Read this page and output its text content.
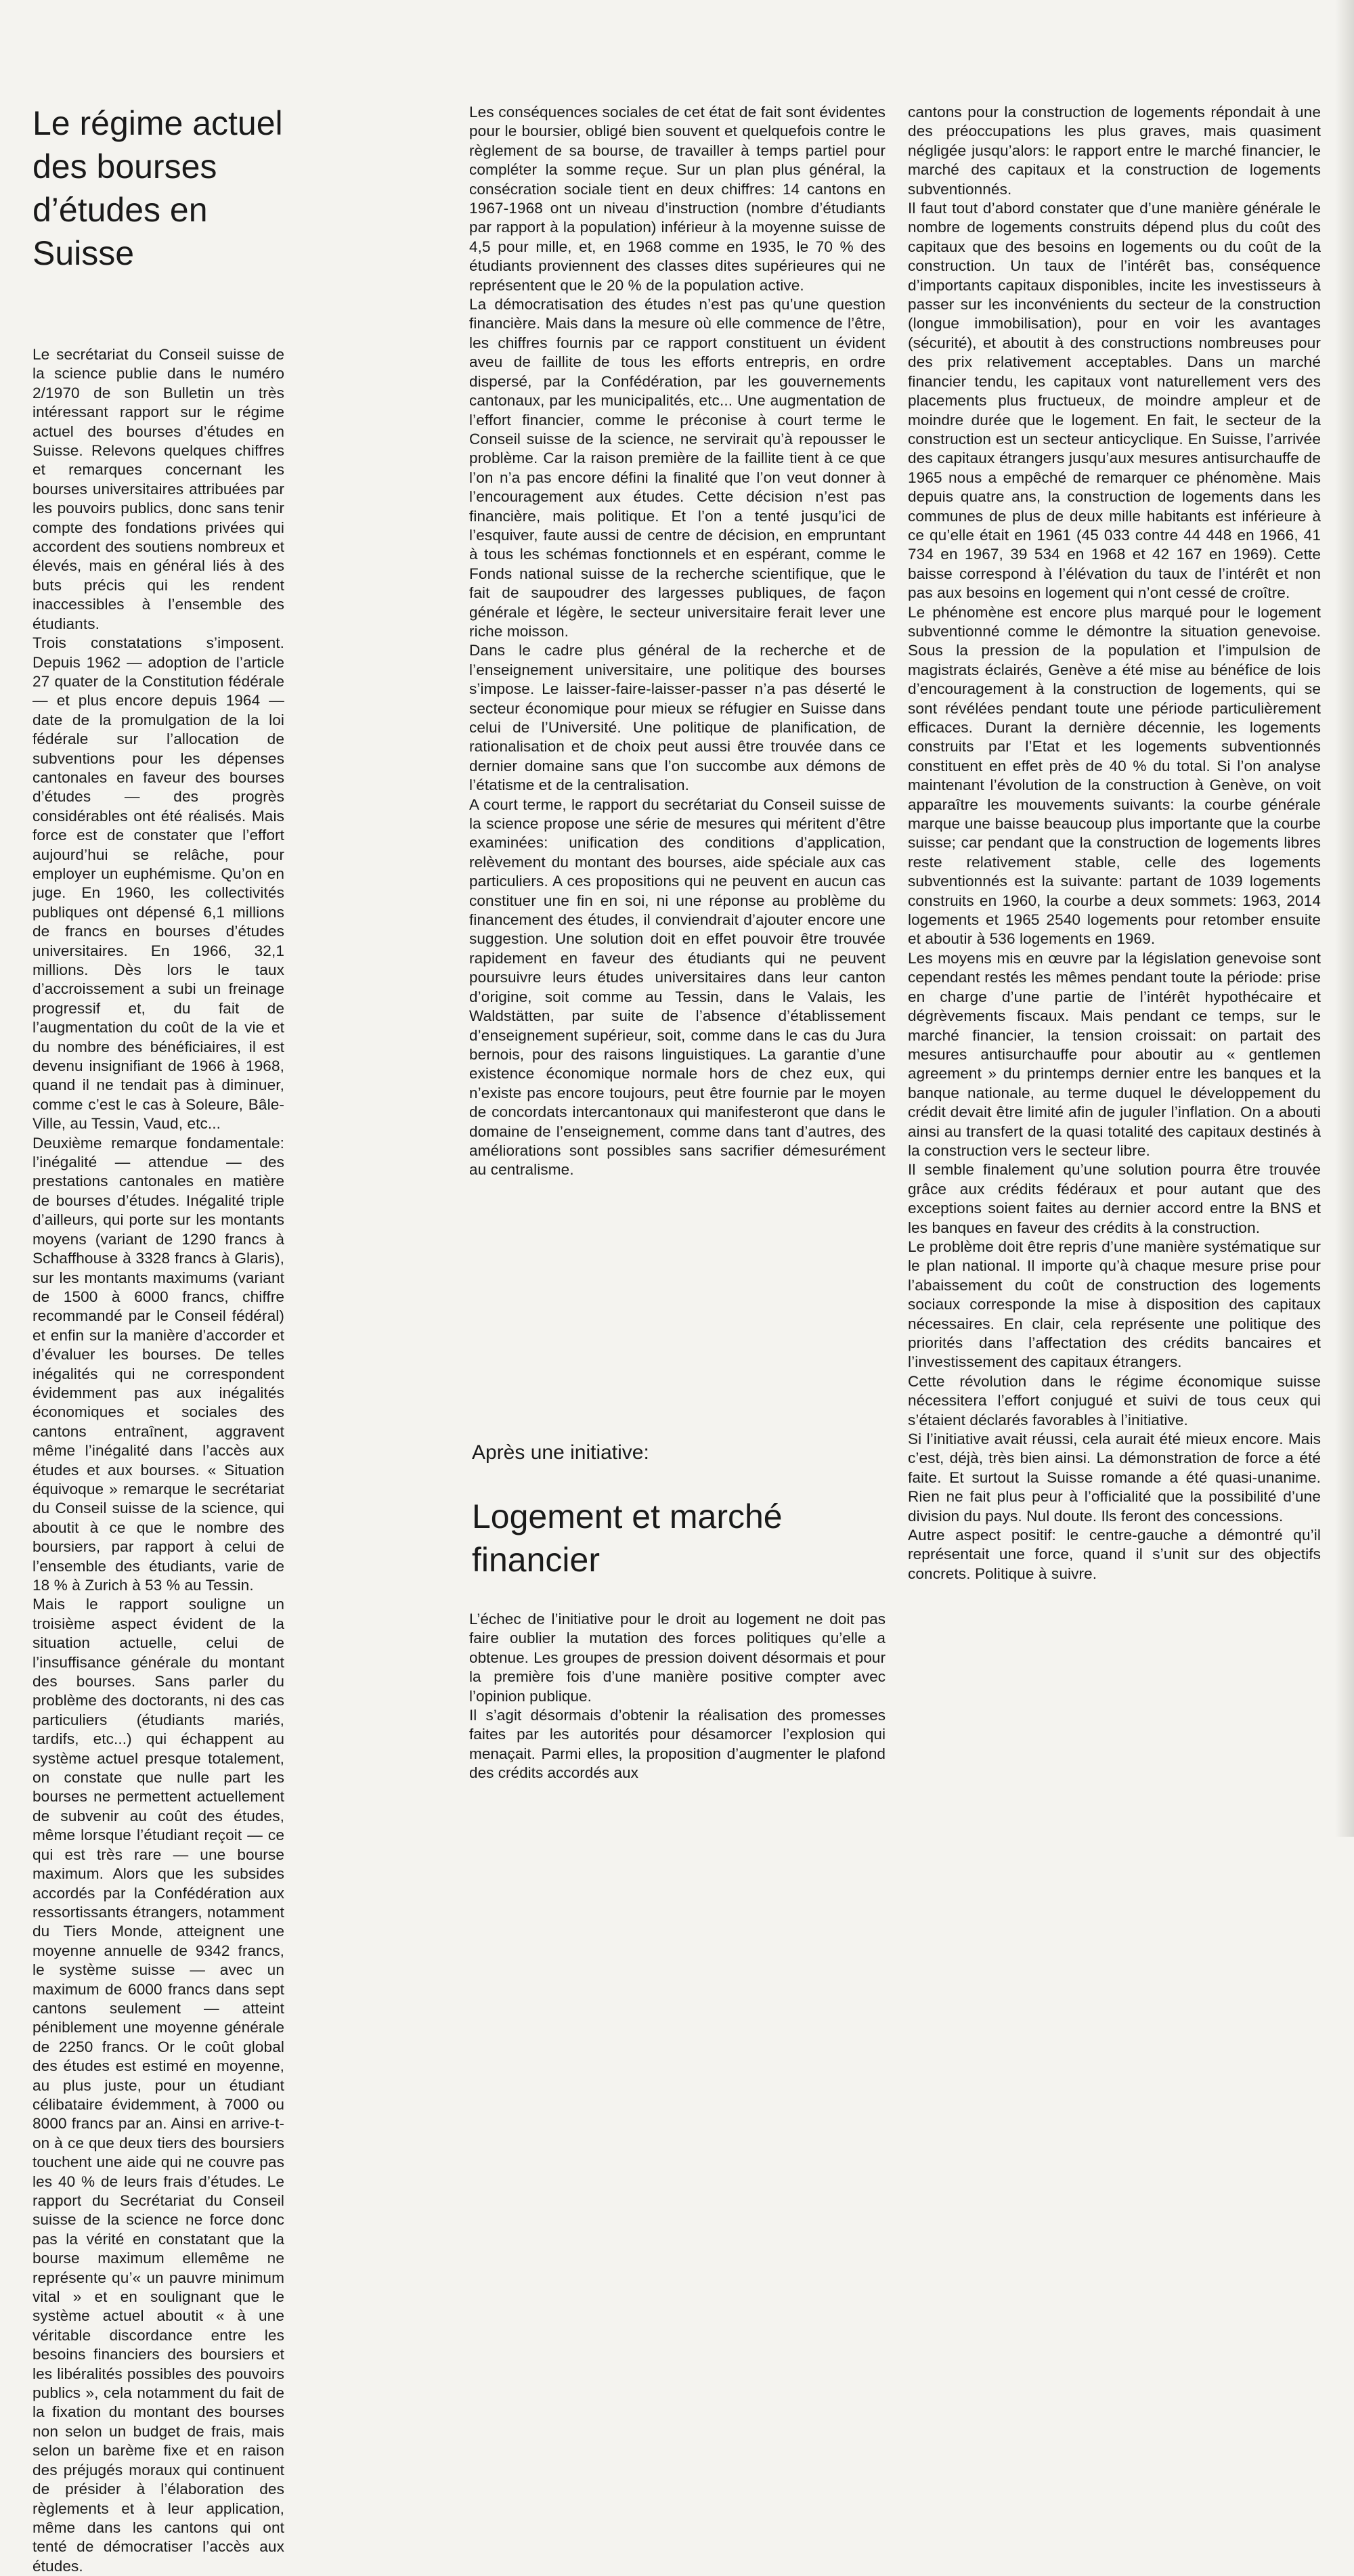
Le régime actuel des bourses d’études en Suisse

Le secrétariat du Conseil suisse de la science publie dans le numéro 2/1970 de son Bulletin un très intéressant rapport sur le régime actuel des bourses d’études en Suisse. Relevons quelques chiffres et remarques concernant les bourses universitaires attribuées par les pouvoirs publics, donc sans tenir compte des fondations privées qui accordent des soutiens nombreux et élevés, mais en général liés à des buts précis qui les rendent inaccessibles à l’ensemble des étudiants.

Trois constatations s’imposent. Depuis 1962 — adoption de l’article 27 quater de la Constitution fédérale — et plus encore depuis 1964 — date de la promulgation de la loi fédérale sur l’allocation de subventions pour les dépenses cantonales en faveur des bourses d’études — des progrès considérables ont été réalisés. Mais force est de constater que l’effort aujourd’hui se relâche, pour employer un euphémisme. Qu’on en juge. En 1960, les collectivités publiques ont dépensé 6,1 millions de francs en bourses d’études universitaires. En 1966, 32,1 millions. Dès lors le taux d’accroissement a subi un freinage progressif et, du fait de l’augmentation du coût de la vie et du nombre des bénéficiaires, il est devenu insignifiant de 1966 à 1968, quand il ne tendait pas à diminuer, comme c’est le cas à Soleure, Bâle-Ville, au Tessin, Vaud, etc...

Deuxième remarque fondamentale: l’inégalité — attendue — des prestations cantonales en matière de bourses d’études. Inégalité triple d’ailleurs, qui porte sur les montants moyens (variant de 1290 francs à Schaffhouse à 3328 francs à Glaris), sur les montants maximums (variant de 1500 à 6000 francs, chiffre recommandé par le Conseil fédéral) et enfin sur la manière d’accorder et d’évaluer les bourses. De telles inégalités qui ne correspondent évidemment pas aux inégalités économiques et sociales des cantons entraînent, aggravent même l’inégalité dans l’accès aux études et aux bourses. « Situation équivoque » remarque le secrétariat du Conseil suisse de la science, qui aboutit à ce que le nombre des boursiers, par rapport à celui de l’ensemble des étudiants, varie de 18 % à Zurich à 53 % au Tessin.

Mais le rapport souligne un troisième aspect évident de la situation actuelle, celui de l’insuffisance générale du montant des bourses. Sans parler du problème des doctorants, ni des cas particuliers (étudiants mariés, tardifs, etc...) qui échappent au système actuel presque totalement, on constate que nulle part les bourses ne permettent actuellement de subvenir au coût des études, même lorsque l’étudiant reçoit — ce qui est très rare — une bourse maximum. Alors que les subsides accordés par la Confédération aux ressortissants étrangers, notamment du Tiers Monde, atteignent une moyenne annuelle de 9342 francs, le système suisse — avec un maximum de 6000 francs dans sept cantons seulement — atteint péniblement une moyenne générale de 2250 francs. Or le coût global des études est estimé en moyenne, au plus juste, pour un étudiant célibataire évidemment, à 7000 ou 8000 francs par an. Ainsi en arrive-t-on à ce que deux tiers des boursiers touchent une aide qui ne couvre pas les 40 % de leurs frais d’études. Le rapport du Secrétariat du Conseil suisse de la science ne force donc pas la vérité en constatant que la bourse maximum ellemême ne représente qu’« un pauvre minimum vital » et en soulignant que le système actuel aboutit « à une véritable discordance entre les besoins financiers des boursiers et les libéralités possibles des pouvoirs publics », cela notamment du fait de la fixation du montant des bourses non selon un budget de frais, mais selon un barème fixe et en raison des préjugés moraux qui continuent de présider à l’élaboration des règlements et à leur application, même dans les cantons qui ont tenté de démocratiser l’accès aux études.

Les conséquences sociales de cet état de fait sont évidentes pour le boursier, obligé bien souvent et quelquefois contre le règlement de sa bourse, de travailler à temps partiel pour compléter la somme reçue. Sur un plan plus général, la consécration sociale tient en deux chiffres: 14 cantons en 1967-1968 ont un niveau d’instruction (nombre d’étudiants par rapport à la population) inférieur à la moyenne suisse de 4,5 pour mille, et, en 1968 comme en 1935, le 70 % des étudiants proviennent des classes dites supérieures qui ne représentent que le 20 % de la population active.

La démocratisation des études n’est pas qu’une question financière. Mais dans la mesure où elle commence de l’être, les chiffres fournis par ce rapport constituent un évident aveu de faillite de tous les efforts entrepris, en ordre dispersé, par la Confédération, par les gouvernements cantonaux, par les municipalités, etc... Une augmentation de l’effort financier, comme le préconise à court terme le Conseil suisse de la science, ne servirait qu’à repousser le problème. Car la raison première de la faillite tient à ce que l’on n’a pas encore défini la finalité que l’on veut donner à l’encouragement aux études. Cette décision n’est pas financière, mais politique. Et l’on a tenté jusqu’ici de l’esquiver, faute aussi de centre de décision, en empruntant à tous les schémas fonctionnels et en espérant, comme le Fonds national suisse de la recherche scientifique, que le fait de saupoudrer des largesses publiques, de façon générale et légère, le secteur universitaire ferait lever une riche moisson.

Dans le cadre plus général de la recherche et de l’enseignement universitaire, une politique des bourses s’impose. Le laisser-faire-laisser-passer n’a pas déserté le secteur économique pour mieux se réfugier en Suisse dans celui de l’Université. Une politique de planification, de rationalisation et de choix peut aussi être trouvée dans ce dernier domaine sans que l’on succombe aux démons de l’étatisme et de la centralisation.

A court terme, le rapport du secrétariat du Conseil suisse de la science propose une série de mesures qui méritent d’être examinées: unification des conditions d’application, relèvement du montant des bourses, aide spéciale aux cas particuliers. A ces propositions qui ne peuvent en aucun cas constituer une fin en soi, ni une réponse au problème du financement des études, il conviendrait d’ajouter encore une suggestion. Une solution doit en effet pouvoir être trouvée rapidement en faveur des étudiants qui ne peuvent poursuivre leurs études universitaires dans leur canton d’origine, soit comme au Tessin, dans le Valais, les Waldstätten, par suite de l’absence d’établissement d’enseignement supérieur, soit, comme dans le cas du Jura bernois, pour des raisons linguistiques. La garantie d’une existence économique normale hors de chez eux, qui n’existe pas encore toujours, peut être fournie par le moyen de concordats intercantonaux qui manifesteront que dans le domaine de l’enseignement, comme dans tant d’autres, des améliorations sont possibles sans sacrifier démesurément au centralisme.

Après une initiative:
Logement et marché financier

L’échec de l’initiative pour le droit au logement ne doit pas faire oublier la mutation des forces politiques qu’elle a obtenue. Les groupes de pression doivent désormais et pour la première fois d’une manière positive compter avec l’opinion publique.

Il s’agit désormais d’obtenir la réalisation des promesses faites par les autorités pour désamorcer l’explosion qui menaçait. Parmi elles, la proposition d’augmenter le plafond des crédits accordés aux

cantons pour la construction de logements répondait à une des préoccupations les plus graves, mais quasiment négligée jusqu’alors: le rapport entre le marché financier, le marché des capitaux et la construction de logements subventionnés.

Il faut tout d’abord constater que d’une manière générale le nombre de logements construits dépend plus du coût des capitaux que des besoins en logements ou du coût de la construction. Un taux de l’intérêt bas, conséquence d’importants capitaux disponibles, incite les investisseurs à passer sur les inconvénients du secteur de la construction (longue immobilisation), pour en voir les avantages (sécurité), et aboutit à des constructions nombreuses pour des prix relativement acceptables. Dans un marché financier tendu, les capitaux vont naturellement vers des placements plus fructueux, de moindre ampleur et de moindre durée que le logement. En fait, le secteur de la construction est un secteur anticyclique. En Suisse, l’arrivée des capitaux étrangers jusqu’aux mesures antisurchauffe de 1965 nous a empêché de remarquer ce phénomène. Mais depuis quatre ans, la construction de logements dans les communes de plus de deux mille habitants est inférieure à ce qu’elle était en 1961 (45 033 contre 44 448 en 1966, 41 734 en 1967, 39 534 en 1968 et 42 167 en 1969). Cette baisse correspond à l’élévation du taux de l’intérêt et non pas aux besoins en logement qui n’ont cessé de croître.

Le phénomène est encore plus marqué pour le logement subventionné comme le démontre la situation genevoise. Sous la pression de la population et l’impulsion de magistrats éclairés, Genève a été mise au bénéfice de lois d’encouragement à la construction de logements, qui se sont révélées pendant toute une période particulièrement efficaces. Durant la dernière décennie, les logements construits par l’Etat et les logements subventionnés constituent en effet près de 40 % du total. Si l’on analyse maintenant l’évolution de la construction à Genève, on voit apparaître les mouvements suivants: la courbe générale marque une baisse beaucoup plus importante que la courbe suisse; car pendant que la construction de logements libres reste relativement stable, celle des logements subventionnés est la suivante: partant de 1039 logements construits en 1960, la courbe a deux sommets: 1963, 2014 logements et 1965 2540 logements pour retomber ensuite et aboutir à 536 logements en 1969.

Les moyens mis en œuvre par la législation genevoise sont cependant restés les mêmes pendant toute la période: prise en charge d’une partie de l’intérêt hypothécaire et dégrèvements fiscaux. Mais pendant ce temps, sur le marché financier, la tension croissait: on partait des mesures antisurchauffe pour aboutir au « gentlemen agreement » du printemps dernier entre les banques et la banque nationale, au terme duquel le développement du crédit devait être limité afin de juguler l’inflation. On a abouti ainsi au transfert de la quasi totalité des capitaux destinés à la construction vers le secteur libre.

Il semble finalement qu’une solution pourra être trouvée grâce aux crédits fédéraux et pour autant que des exceptions soient faites au dernier accord entre la BNS et les banques en faveur des crédits à la construction.

Le problème doit être repris d’une manière systématique sur le plan national. Il importe qu’à chaque mesure prise pour l’abaissement du coût de construction des logements sociaux corresponde la mise à disposition des capitaux nécessaires. En clair, cela représente une politique des priorités dans l’affectation des crédits bancaires et l’investissement des capitaux étrangers.

Cette révolution dans le régime économique suisse nécessitera l’effort conjugué et suivi de tous ceux qui s’étaient déclarés favorables à l’initiative.

Si l’initiative avait réussi, cela aurait été mieux encore. Mais c’est, déjà, très bien ainsi. La démonstration de force a été faite. Et surtout la Suisse romande a été quasi-unanime. Rien ne fait plus peur à l’officialité que la possibilité d’une division du pays. Nul doute. Ils feront des concessions.

Autre aspect positif: le centre-gauche a démontré qu’il représentait une force, quand il s’unit sur des objectifs concrets. Politique à suivre.
